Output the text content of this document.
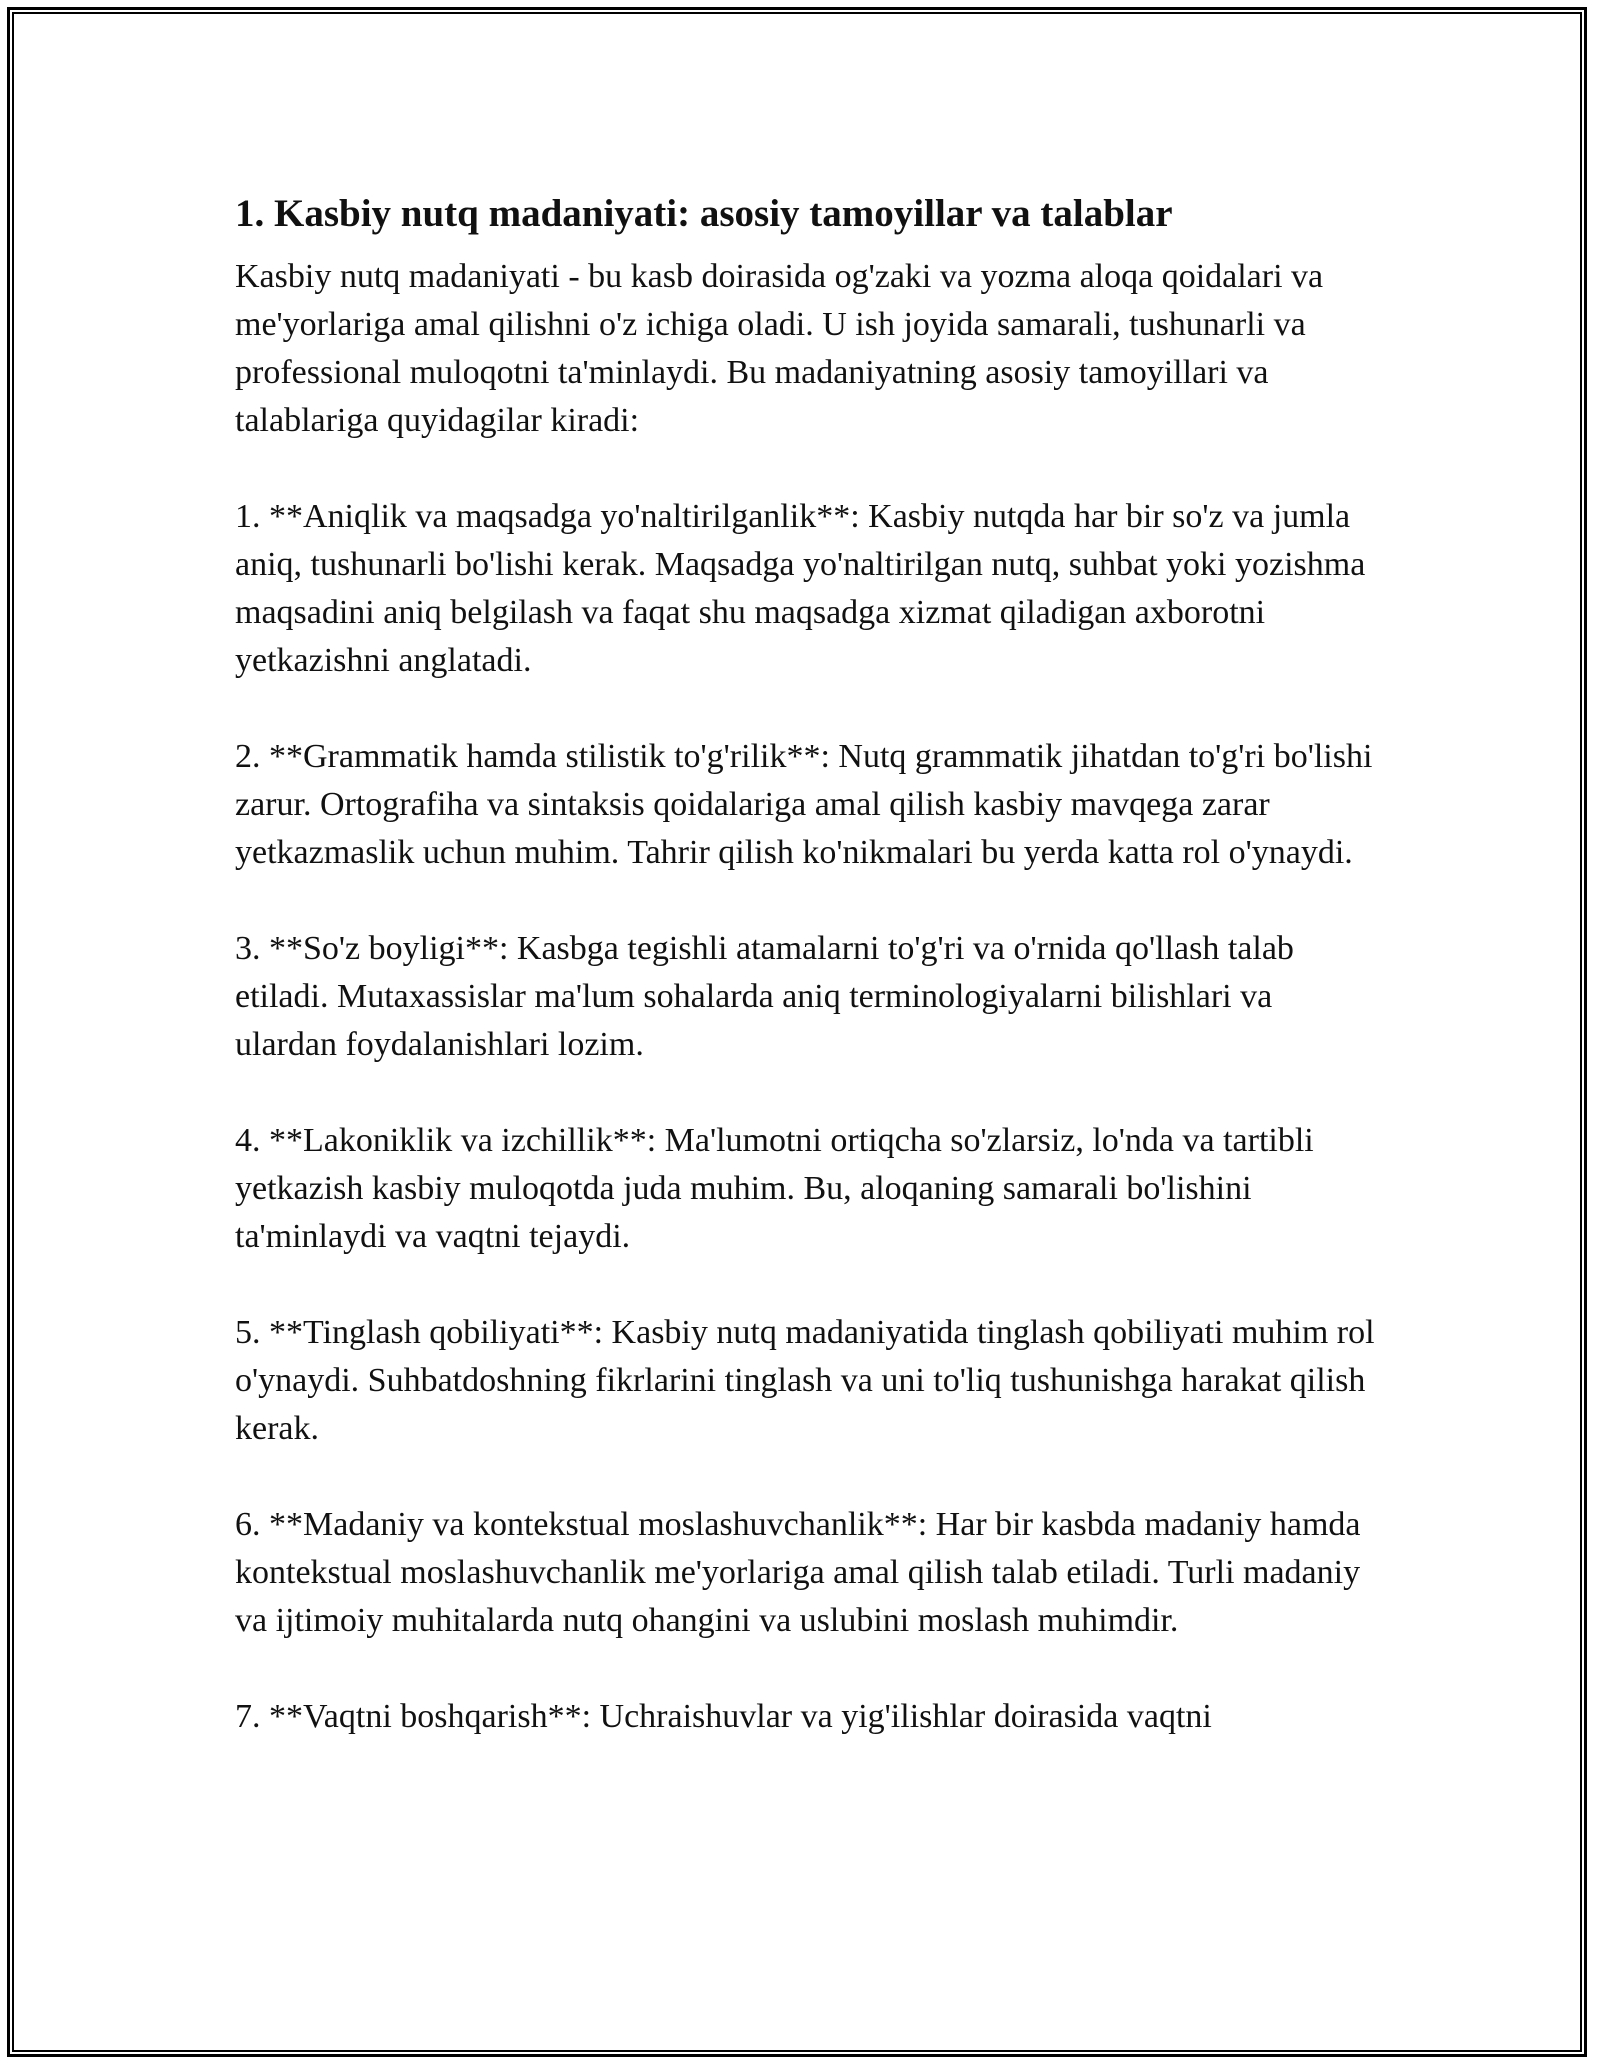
1. Kasbiy nutq madaniyati: asosiy tamoyillar va talablar

Kasbiy nutq madaniyati - bu kasb doirasida og'zaki va yozma aloqa qoidalari va me'yorlariga amal qilishni o'z ichiga oladi. U ish joyida samarali, tushunarli va professional muloqotni ta'minlaydi. Bu madaniyatning asosiy tamoyillari va talablariga quyidagilar kiradi:

1. **Aniqlik va maqsadga yo'naltirilganlik**: Kasbiy nutqda har bir so'z va jumla aniq, tushunarli bo'lishi kerak. Maqsadga yo'naltirilgan nutq, suhbat yoki yozishma maqsadini aniq belgilash va faqat shu maqsadga xizmat qiladigan axborotni yetkazishni anglatadi.

2. **Grammatik hamda stilistik to'g'rilik**: Nutq grammatik jihatdan to'g'ri bo'lishi zarur. Ortografiha va sintaksis qoidalariga amal qilish kasbiy mavqega zarar yetkazmaslik uchun muhim. Tahrir qilish ko'nikmalari bu yerda katta rol o'ynaydi.

3. **So'z boyligi**: Kasbga tegishli atamalarni to'g'ri va o'rnida qo'llash talab etiladi. Mutaxassislar ma'lum sohalarda aniq terminologiyalarni bilishlari va ulardan foydalanishlari lozim.

4. **Lakoniklik va izchillik**: Ma'lumotni ortiqcha so'zlarsiz, lo'nda va tartibli yetkazish kasbiy muloqotda juda muhim. Bu, aloqaning samarali bo'lishini ta'minlaydi va vaqtni tejaydi.

5. **Tinglash qobiliyati**: Kasbiy nutq madaniyatida tinglash qobiliyati muhim rol o'ynaydi. Suhbatdoshning fikrlarini tinglash va uni to'liq tushunishga harakat qilish kerak.

6. **Madaniy va kontekstual moslashuvchanlik**: Har bir kasbda madaniy hamda kontekstual moslashuvchanlik me'yorlariga amal qilish talab etiladi. Turli madaniy va ijtimoiy muhitalarda nutq ohangini va uslubini moslash muhimdir.

7. **Vaqtni boshqarish**: Uchraishuvlar va yig'ilishlar doirasida vaqtni
